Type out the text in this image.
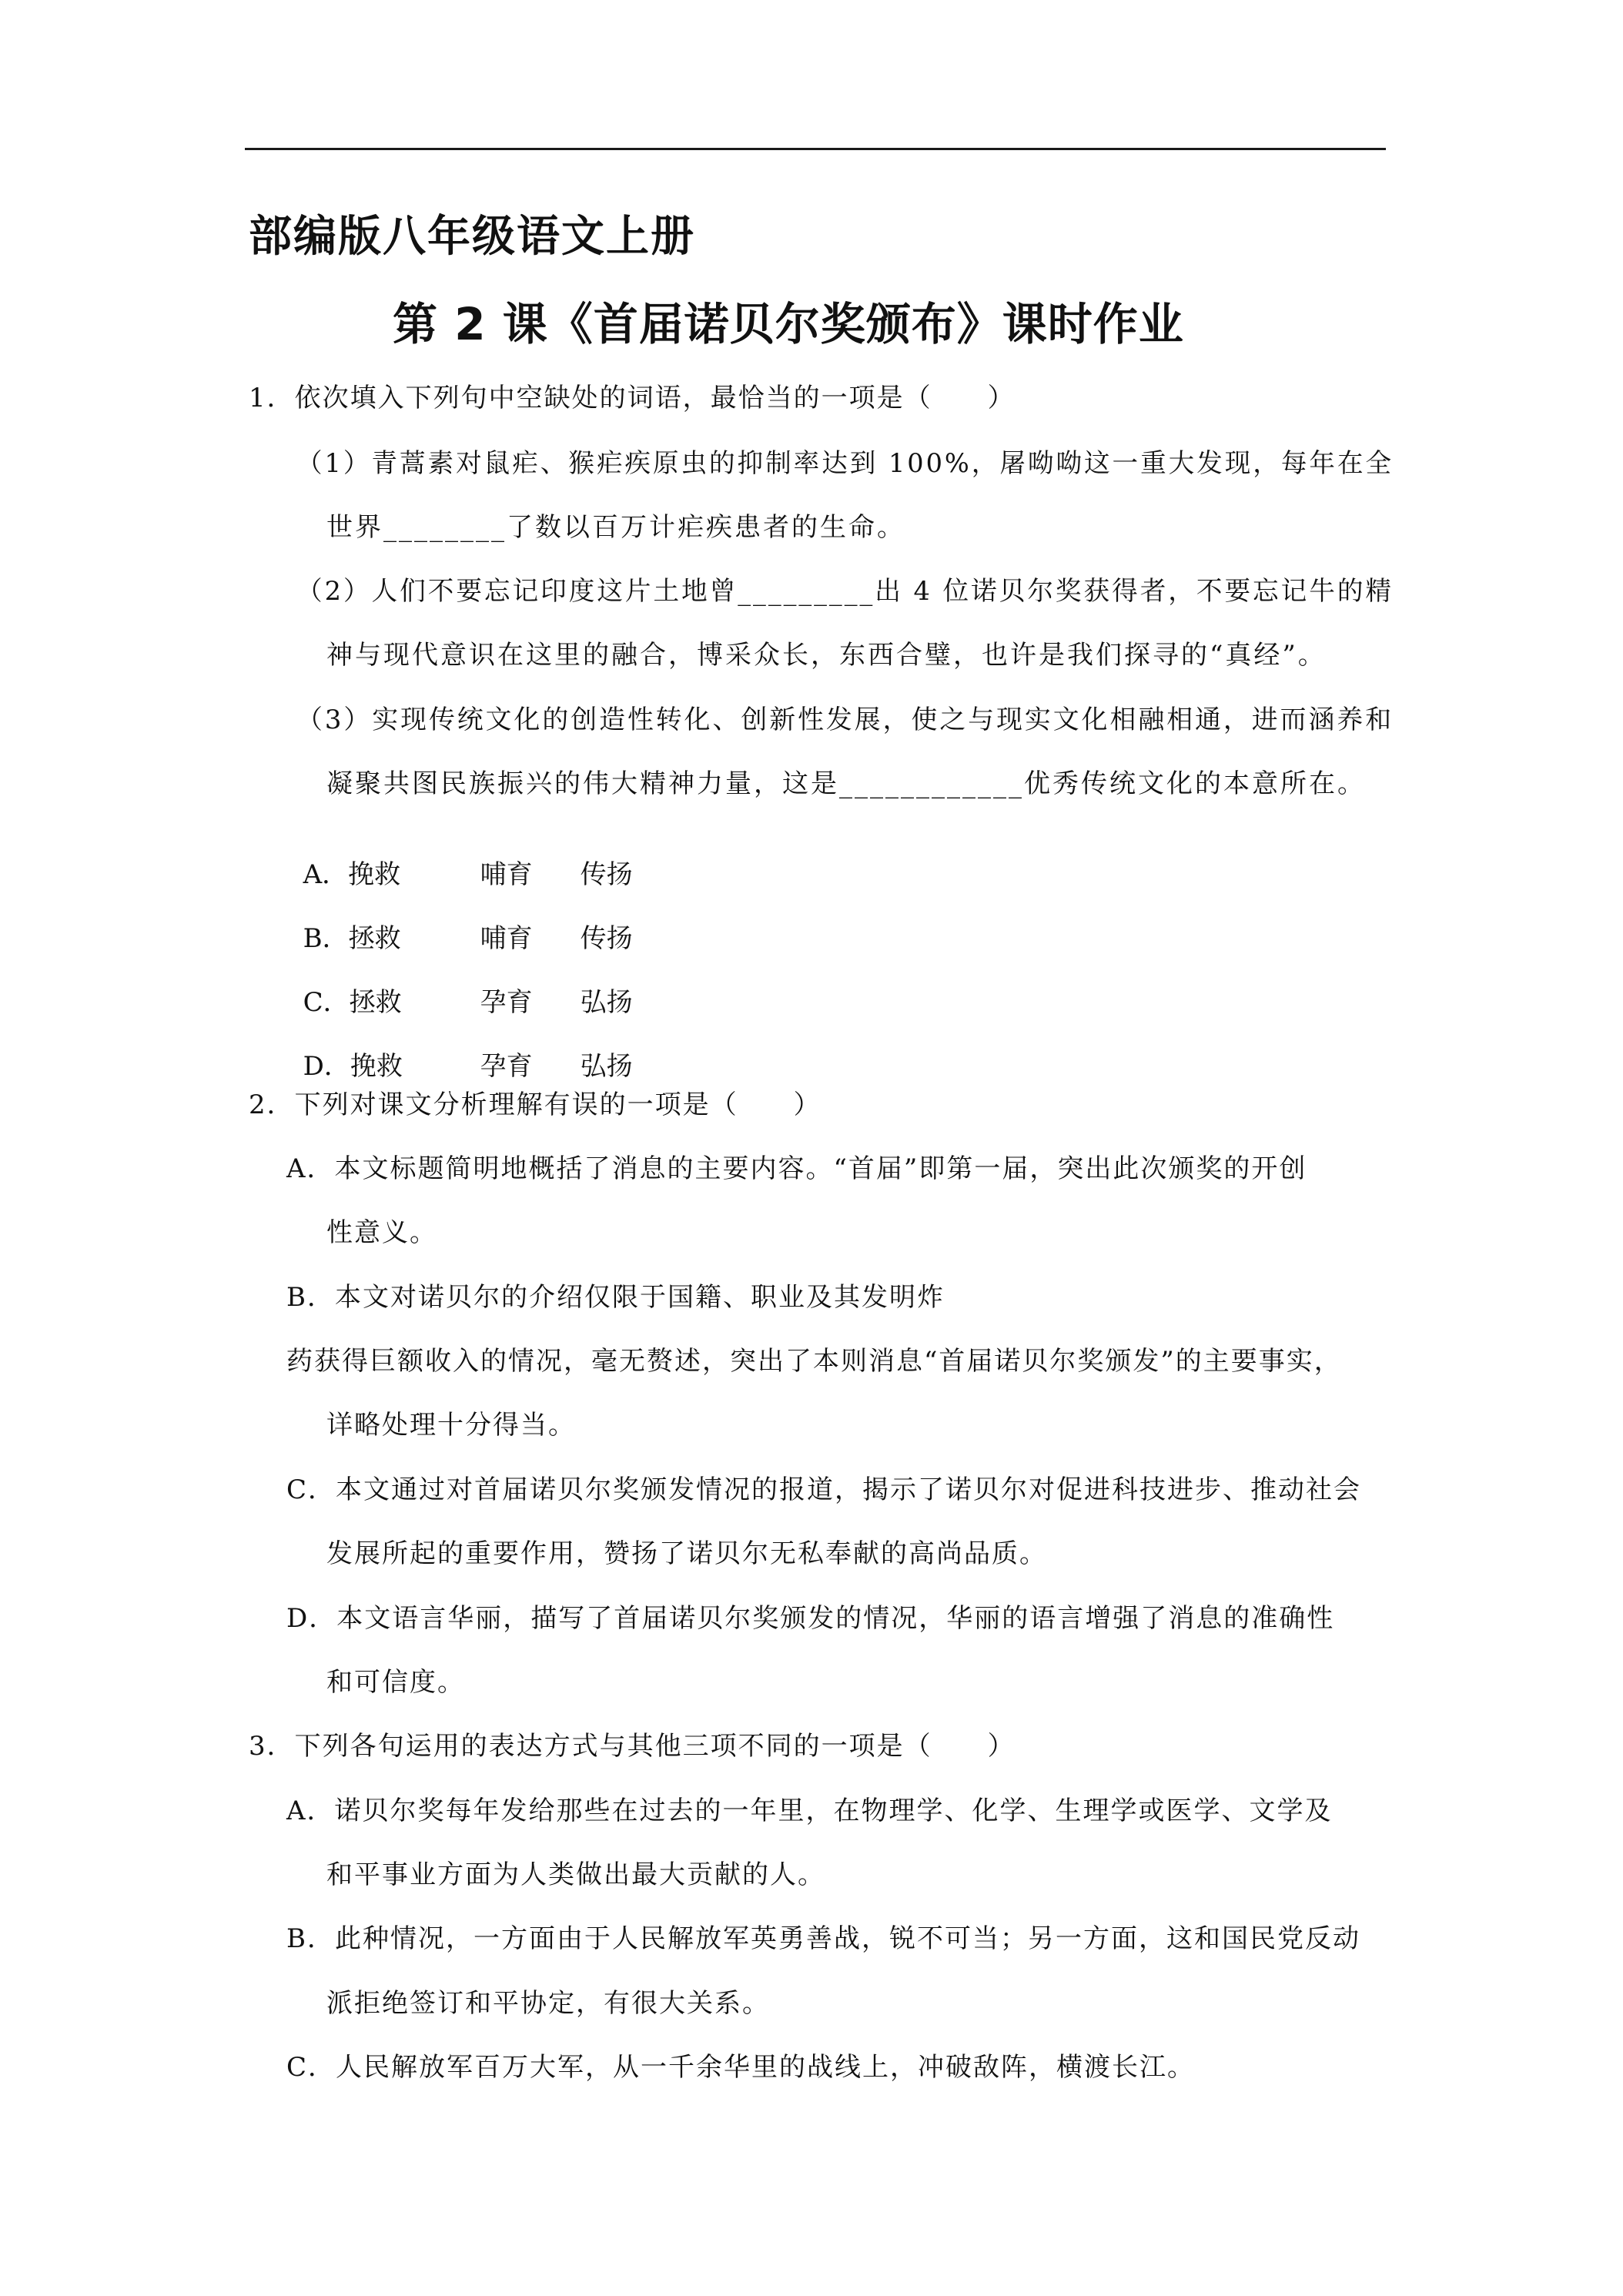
部编版八年级语文上册
第 2 课《首届诺贝尔奖颁布》课时作业
1．依次填入下列句中空缺处的词语，最恰当的一项是（　　）
（1）青蒿素对鼠疟、猴疟疾原虫的抑制率达到 100%，屠呦呦这一重大发现，每年在全
世界________了数以百万计疟疾患者的生命。
（2）人们不要忘记印度这片土地曾_________出 4 位诺贝尔奖获得者，不要忘记牛的精
神与现代意识在这里的融合，博采众长，东西合璧，也许是我们探寻的“真经”。
（3）实现传统文化的创造性转化、创新性发展，使之与现实文化相融相通，进而涵养和
凝聚共图民族振兴的伟大精神力量，这是____________优秀传统文化的本意所在。

A．挽救	哺育 传扬

B．拯救	哺育 传扬

C．拯救	孕育 弘扬

D．挽救	孕育 弘扬

2．下列对课文分析理解有误的一项是（　　）
A．本文标题简明地概括了消息的主要内容。“首届”即第一届，突出此次颁奖的开创
性意义。
B．本文对诺贝尔的介绍仅限于国籍、职业及其发明炸
药获得巨额收入的情况，毫无赘述，突出了本则消息“首届诺贝尔奖颁发”的主要事实，
详略处理十分得当。
C．本文通过对首届诺贝尔奖颁发情况的报道，揭示了诺贝尔对促进科技进步、推动社会
发展所起的重要作用，赞扬了诺贝尔无私奉献的高尚品质。
D．本文语言华丽，描写了首届诺贝尔奖颁发的情况，华丽的语言增强了消息的准确性
和可信度。
3．下列各句运用的表达方式与其他三项不同的一项是（　　）
A．诺贝尔奖每年发给那些在过去的一年里，在物理学、化学、生理学或医学、文学及
和平事业方面为人类做出最大贡献的人。
B．此种情况，一方面由于人民解放军英勇善战，锐不可当；另一方面，这和国民党反动
派拒绝签订和平协定，有很大关系。
C．人民解放军百万大军，从一千余华里的战线上，冲破敌阵，横渡长江。
